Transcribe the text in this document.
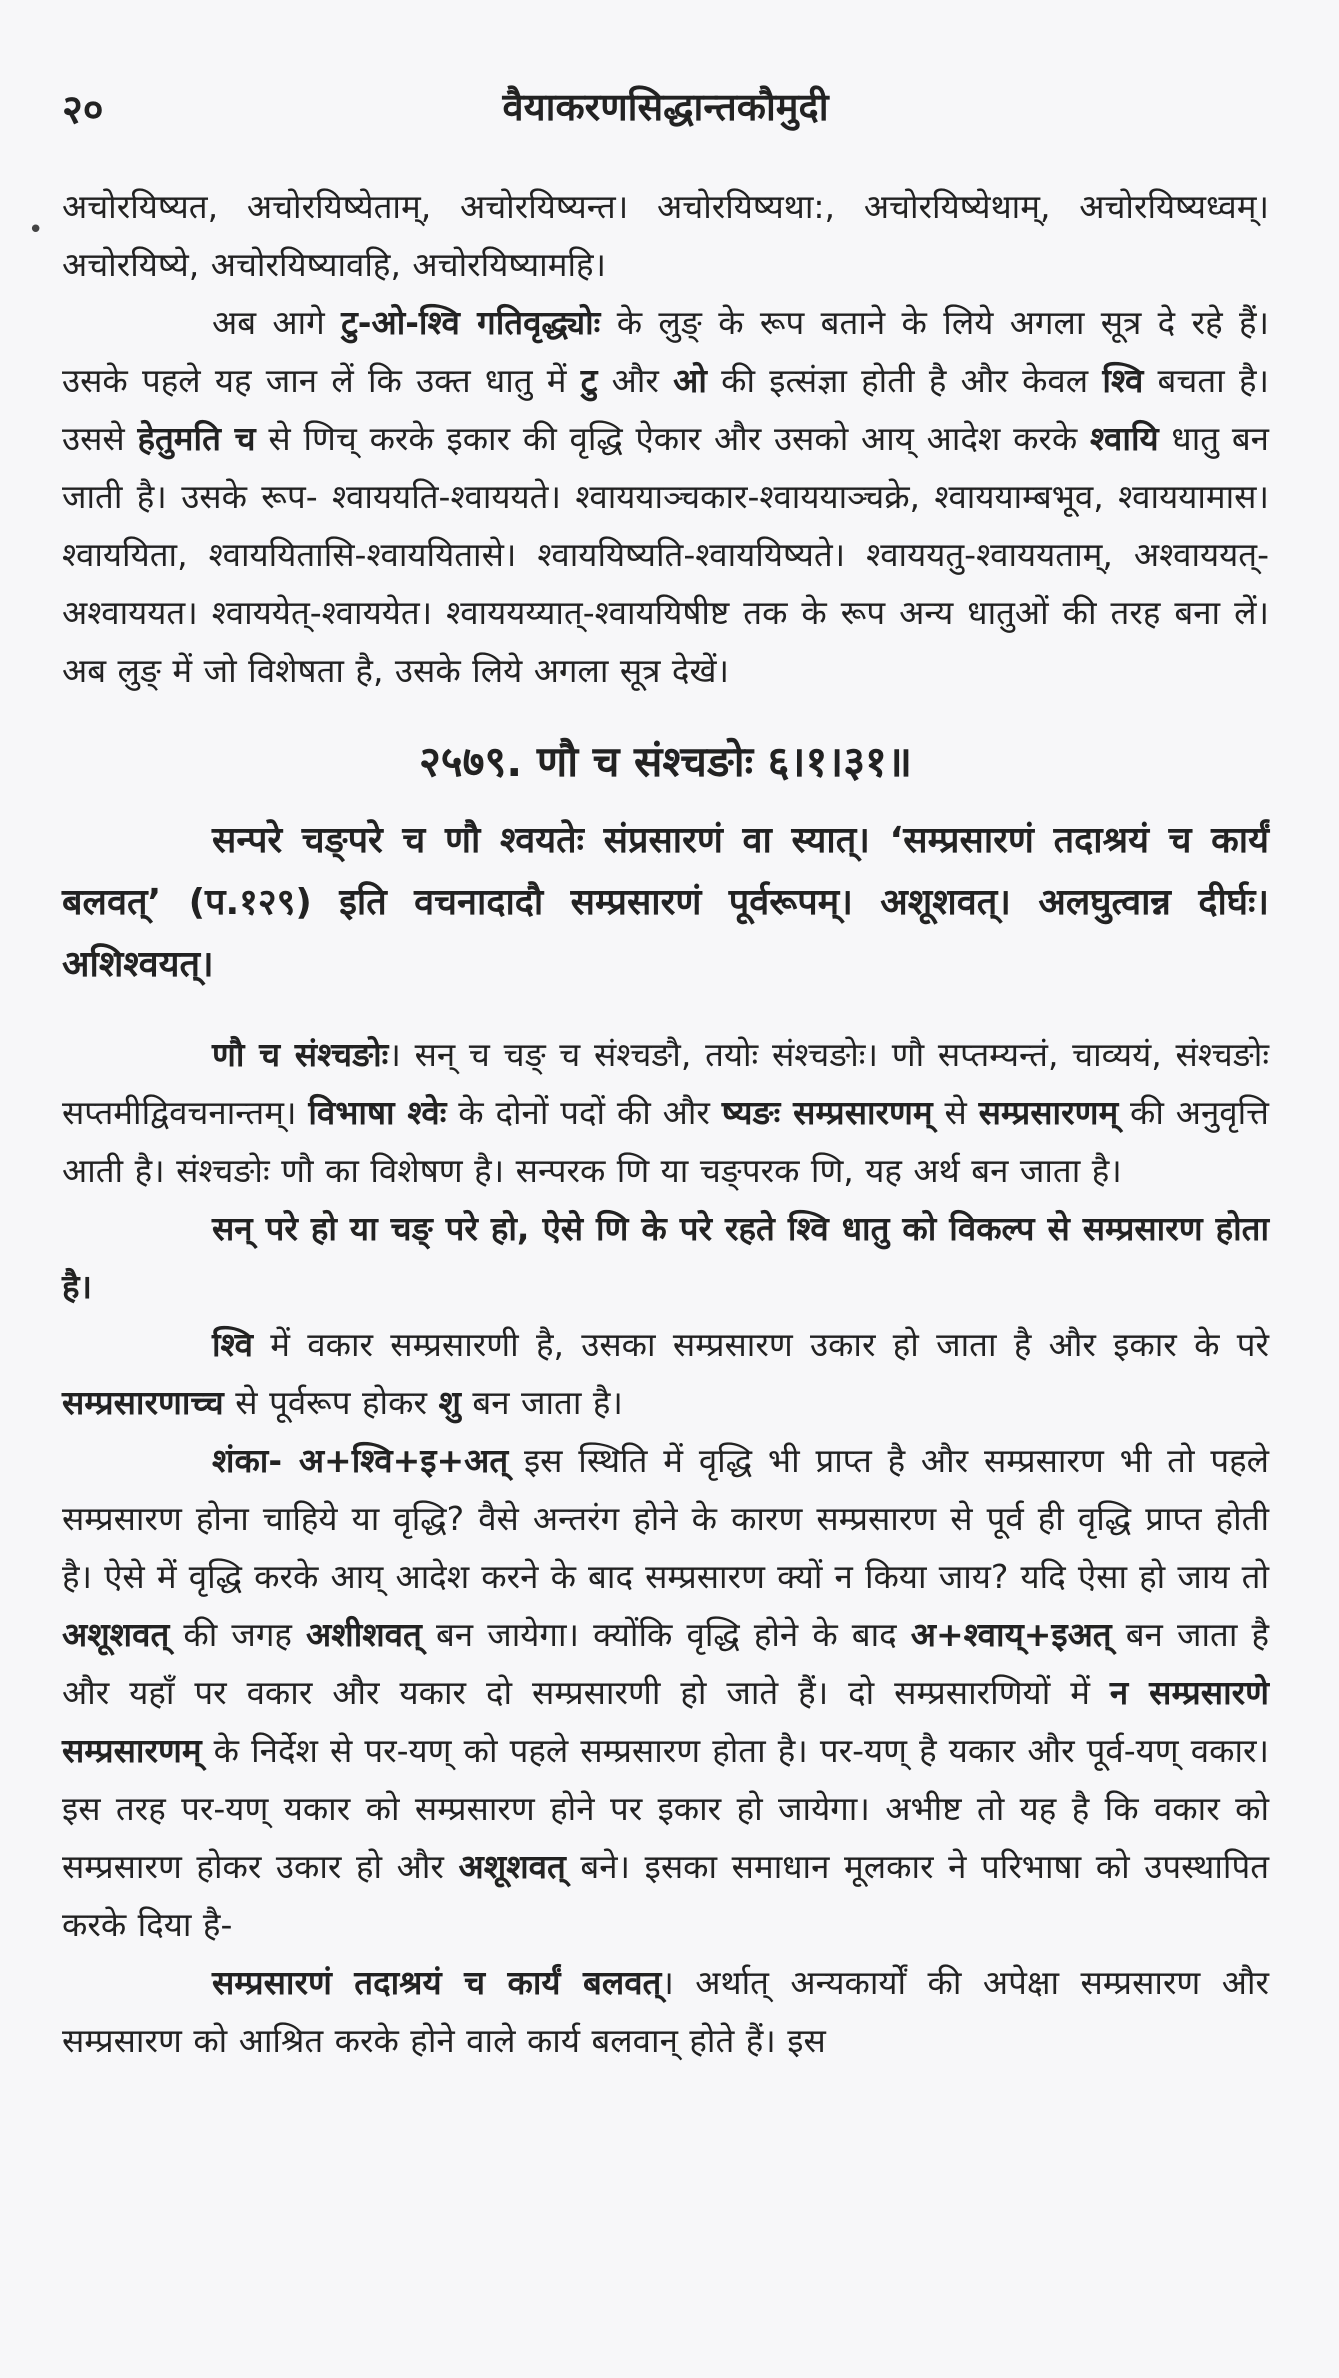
२०	वैयाकरणसिद्धान्तकौमुदी
•

अचोरयिष्यत, अचोरयिष्येताम्, अचोरयिष्यन्त। अचोरयिष्यथा:, अचोरयिष्येथाम्, अचोरयिष्यध्वम्। अचोरयिष्ये, अचोरयिष्यावहि, अचोरयिष्यामहि।

अब आगे टु-ओ-श्वि गतिवृद्ध्योः के लुङ् के रूप बताने के लिये अगला सूत्र दे रहे हैं। उसके पहले यह जान लें कि उक्त धातु में टु और ओ की इत्संज्ञा होती है और केवल श्वि बचता है। उससे हेतुमति च से णिच् करके इकार की वृद्धि ऐकार और उसको आय् आदेश करके श्वायि धातु बन जाती है। उसके रूप- श्वाययति-श्वाययते। श्वाययाञ्चकार-श्वाययाञ्चक्रे, श्वाययाम्बभूव, श्वाययामास। श्वाययिता, श्वाययितासि-श्वाययितासे। श्वाययिष्यति-श्वाययिष्यते। श्वाययतु-श्वाययताम्, अश्वाययत्-अश्वाययत। श्वाययेत्-श्वाययेत। श्वाययय्यात्-श्वाययिषीष्ट तक के रूप अन्य धातुओं की तरह बना लें। अब लुङ् में जो विशेषता है, उसके लिये अगला सूत्र देखें।

२५७९. णौ च संश्चङोः ६।१।३१॥
सन्परे चङ्परे च णौ श्वयतेः संप्रसारणं वा स्यात्। ‘सम्प्रसारणं तदाश्रयं च कार्यं बलवत्’ (प.१२९) इति वचनादादौ सम्प्रसारणं पूर्वरूपम्। अशूशवत्। अलघुत्वान्न दीर्घः। अशिश्वयत्।

णौ च संश्चङोः। सन् च चङ् च संश्चङौ, तयोः संश्चङोः। णौ सप्तम्यन्तं, चाव्ययं, संश्चङोः सप्तमीद्विवचनान्तम्। विभाषा श्वेः के दोनों पदों की और ष्यङः सम्प्रसारणम् से सम्प्रसारणम् की अनुवृत्ति आती है। संश्चङोः णौ का विशेषण है। सन्परक णि या चङ्परक णि, यह अर्थ बन जाता है।

सन् परे हो या चङ् परे हो, ऐसे णि के परे रहते श्वि धातु को विकल्प से सम्प्रसारण होता है।

श्वि में वकार सम्प्रसारणी है, उसका सम्प्रसारण उकार हो जाता है और इकार के परे सम्प्रसारणाच्च से पूर्वरूप होकर शु बन जाता है।

शंका- अ+श्वि+इ+अत् इस स्थिति में वृद्धि भी प्राप्त है और सम्प्रसारण भी तो पहले सम्प्रसारण होना चाहिये या वृद्धि? वैसे अन्तरंग होने के कारण सम्प्रसारण से पूर्व ही वृद्धि प्राप्त होती है। ऐसे में वृद्धि करके आय् आदेश करने के बाद सम्प्रसारण क्यों न किया जाय? यदि ऐसा हो जाय तो अशूशवत् की जगह अशीशवत् बन जायेगा। क्योंकि वृद्धि होने के बाद अ+श्वाय्+इअत् बन जाता है और यहाँ पर वकार और यकार दो सम्प्रसारणी हो जाते हैं। दो सम्प्रसारणियों में न सम्प्रसारणे सम्प्रसारणम् के निर्देश से पर-यण् को पहले सम्प्रसारण होता है। पर-यण् है यकार और पूर्व-यण् वकार। इस तरह पर-यण् यकार को सम्प्रसारण होने पर इकार हो जायेगा। अभीष्ट तो यह है कि वकार को सम्प्रसारण होकर उकार हो और अशूशवत् बने। इसका समाधान मूलकार ने परिभाषा को उपस्थापित करके दिया है-

सम्प्रसारणं तदाश्रयं च कार्यं बलवत्। अर्थात् अन्यकार्यों की अपेक्षा सम्प्रसारण और सम्प्रसारण को आश्रित करके होने वाले कार्य बलवान् होते हैं। इस
